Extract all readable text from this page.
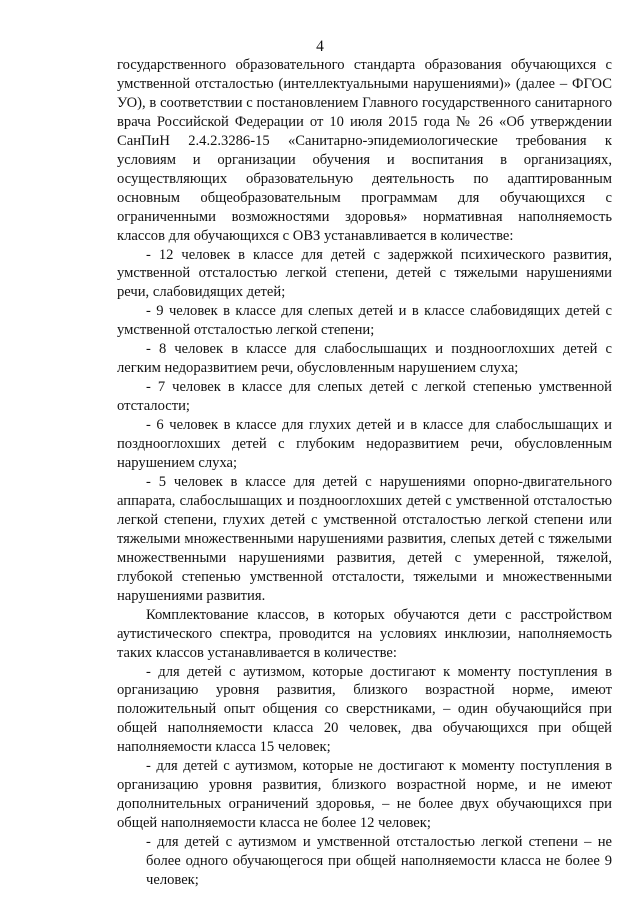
4

государственного образовательного стандарта образования обучающихся с умственной отсталостью (интеллектуальными нарушениями)» (далее – ФГОС УО), в соответствии с постановлением Главного государственного санитарного врача Российской Федерации от 10 июля 2015 года № 26 «Об утверждении СанПиН 2.4.2.3286-15 «Санитарно-эпидемиологические требования к условиям и организации обучения и воспитания в организациях, осуществляющих образовательную деятельность по адаптированным основным общеобразовательным программам для обучающихся с ограниченными возможностями здоровья» нормативная наполняемость классов для обучающихся с ОВЗ устанавливается в количестве:

- 12 человек в классе для детей с задержкой психического развития, умственной отсталостью легкой степени, детей с тяжелыми нарушениями речи, слабовидящих детей;

- 9 человек в классе для слепых детей и в классе слабовидящих детей с умственной отсталостью легкой степени;

- 8 человек в классе для слабослышащих и позднооглохших детей с легким недоразвитием речи, обусловленным нарушением слуха;

- 7 человек в классе для слепых детей с легкой степенью умственной отсталости;

- 6 человек в классе для глухих детей и в классе для слабослышащих и позднооглохших детей с глубоким недоразвитием речи, обусловленным нарушением слуха;

- 5 человек в классе для детей с нарушениями опорно-двигательного аппарата, слабослышащих и позднооглохших детей с умственной отсталостью легкой степени, глухих детей с умственной отсталостью легкой степени или тяжелыми множественными нарушениями развития, слепых детей с тяжелыми множественными нарушениями развития, детей с умеренной, тяжелой, глубокой степенью умственной отсталости, тяжелыми и множественными нарушениями развития.

Комплектование классов, в которых обучаются дети с расстройством аутистического спектра, проводится на условиях инклюзии, наполняемость таких классов устанавливается в количестве:

- для детей с аутизмом, которые достигают к моменту поступления в организацию уровня развития, близкого возрастной норме, имеют положительный опыт общения со сверстниками, – один обучающийся при общей наполняемости класса 20 человек, два обучающихся при общей наполняемости класса 15 человек;

- для детей с аутизмом, которые не достигают к моменту поступления в организацию уровня развития, близкого возрастной норме, и не имеют дополнительных ограничений здоровья, – не более двух обучающихся при общей наполняемости класса не более 12 человек;

- для детей с аутизмом и умственной отсталостью легкой степени – не более одного обучающегося при общей наполняемости класса не более 9 человек;
